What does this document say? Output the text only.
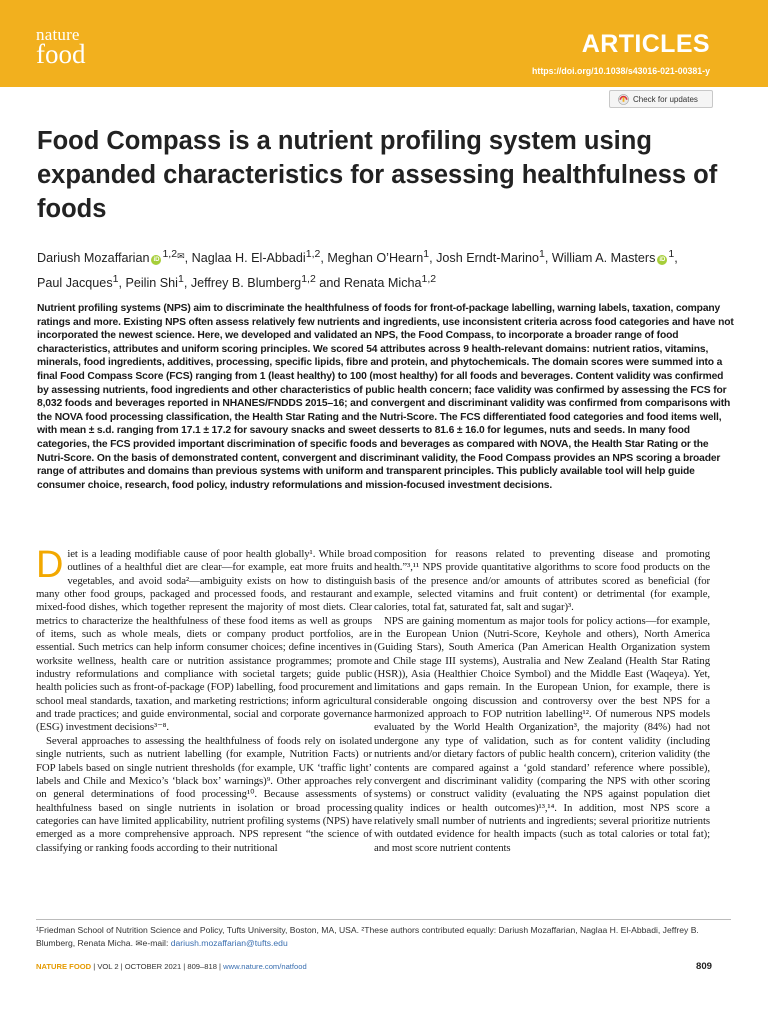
nature
food	ARTICLES
https://doi.org/10.1038/s43016-021-00381-y
Check for updates
Food Compass is a nutrient profiling system using expanded characteristics for assessing healthfulness of foods
Dariush Mozaffarian $iD^{1,2✉}$, Naglaa H. El-Abbadi$^{1,2}$, Meghan O’Hearn$^1$, Josh Erndt-Marino$^1$, William A. Masters $iD^1$, Paul Jacques$^1$, Peilin Shi$^1$, Jeffrey B. Blumberg$^{1,2}$ and Renata Micha$^{1,2}$

Nutrient profiling systems (NPS) aim to discriminate the healthfulness of foods for front-of-package labelling, warning labels, taxation, company ratings and more. Existing NPS often assess relatively few nutrients and ingredients, use inconsistent criteria across food categories and have not incorporated the newest science. Here, we developed and validated an NPS, the Food Compass, to incorporate a broader range of food characteristics, attributes and uniform scoring principles. We scored 54 attributes across 9 health-relevant domains: nutrient ratios, vitamins, minerals, food ingredients, additives, processing, specific lipids, fibre and protein, and phytochemicals. The domain scores were summed into a final Food Compass Score (FCS) ranging from 1 (least healthy) to 100 (most healthy) for all foods and beverages. Content validity was confirmed by assessing nutrients, food ingredients and other characteristics of public health concern; face validity was confirmed by assessing the FCS for 8,032 foods and beverages reported in NHANES/FNDDS 2015–16; and convergent and discriminant validity was confirmed from comparisons with the NOVA food processing classification, the Health Star Rating and the Nutri-Score. The FCS differentiated food categories and food items well, with mean ± s.d. ranging from 17.1 ± 17.2 for savoury snacks and sweet desserts to 81.6 ± 16.0 for legumes, nuts and seeds. In many food categories, the FCS provided important discrimination of specific foods and beverages as compared with NOVA, the Health Star Rating or the Nutri-Score. On the basis of demonstrated content, convergent and discriminant validity, the Food Compass provides an NPS scoring a broader range of attributes and domains than previous systems with uniform and transparent principles. This publicly available tool will help guide consumer choice, research, food policy, industry reformulations and mission-focused investment decisions.

Diet is a leading modifiable cause of poor health globally¹. While broad outlines of a healthful diet are clear—for example, eat more fruits and vegetables, and avoid soda²—ambiguity exists on how to distinguish many other food groups, packaged and processed foods, and restaurant and mixed-food dishes, which together represent the majority of most diets. Clear metrics to characterize the healthfulness of these food items as well as groups of items, such as whole meals, diets or company product portfolios, are essential. Such metrics can help inform consumer choices; define incentives in worksite wellness, health care or nutrition assistance programmes; promote industry reformulations and compliance with societal targets; guide public health policies such as front-of-package (FOP) labelling, food procurement and school meal standards, taxation, and marketing restrictions; inform agricultural and trade practices; and guide environmental, social and corporate governance (ESG) investment decisions³⁻⁸.

Several approaches to assessing the healthfulness of foods rely on isolated single nutrients, such as nutrient labelling (for example, Nutrition Facts) or FOP labels based on single nutrient thresholds (for example, UK ‘traffic light’ labels and Chile and Mexico’s ‘black box’ warnings)⁹. Other approaches rely on general determinations of food processing¹⁰. Because assessments of healthfulness based on single nutrients in isolation or broad processing categories can have limited applicability, nutrient profiling systems (NPS) have emerged as a more comprehensive approach. NPS represent “the science of classifying or ranking foods according to their nutritional

composition for reasons related to preventing disease and promoting health.”³,¹¹ NPS provide quantitative algorithms to score food products on the basis of the presence and/or amounts of attributes scored as beneficial (for example, selected vitamins and fruit content) or detrimental (for example, calories, total fat, saturated fat, salt and sugar)³.

NPS are gaining momentum as major tools for policy actions—for example, in the European Union (Nutri-Score, Keyhole and others), North America (Guiding Stars), South America (Pan American Health Organization system and Chile stage III systems), Australia and New Zealand (Health Star Rating (HSR)), Asia (Healthier Choice Symbol) and the Middle East (Waqeya). Yet, limitations and gaps remain. In the European Union, for example, there is considerable ongoing discussion and controversy over the best NPS for a harmonized approach to FOP nutrition labelling¹². Of numerous NPS models evaluated by the World Health Organization³, the majority (84%) had not undergone any type of validation, such as for content validity (including nutrients and/or dietary factors of public health concern), criterion validity (the contents are compared against a ‘gold standard’ reference where possible), convergent and discriminant validity (comparing the NPS with other scoring systems) or construct validity (evaluating the NPS against population diet quality indices or health outcomes)¹³,¹⁴. In addition, most NPS score a relatively small number of nutrients and ingredients; several prioritize nutrients with outdated evidence for health impacts (such as total calories or total fat); and most score nutrient contents

¹Friedman School of Nutrition Science and Policy, Tufts University, Boston, MA, USA. ²These authors contributed equally: Dariush Mozaffarian, Naglaa H. El-Abbadi, Jeffrey B. Blumberg, Renata Micha. ✉e-mail: dariush.mozaffarian@tufts.edu
NATURE FOOD | VOL 2 | OCTOBER 2021 | 809–818 | www.nature.com/natfood	809
